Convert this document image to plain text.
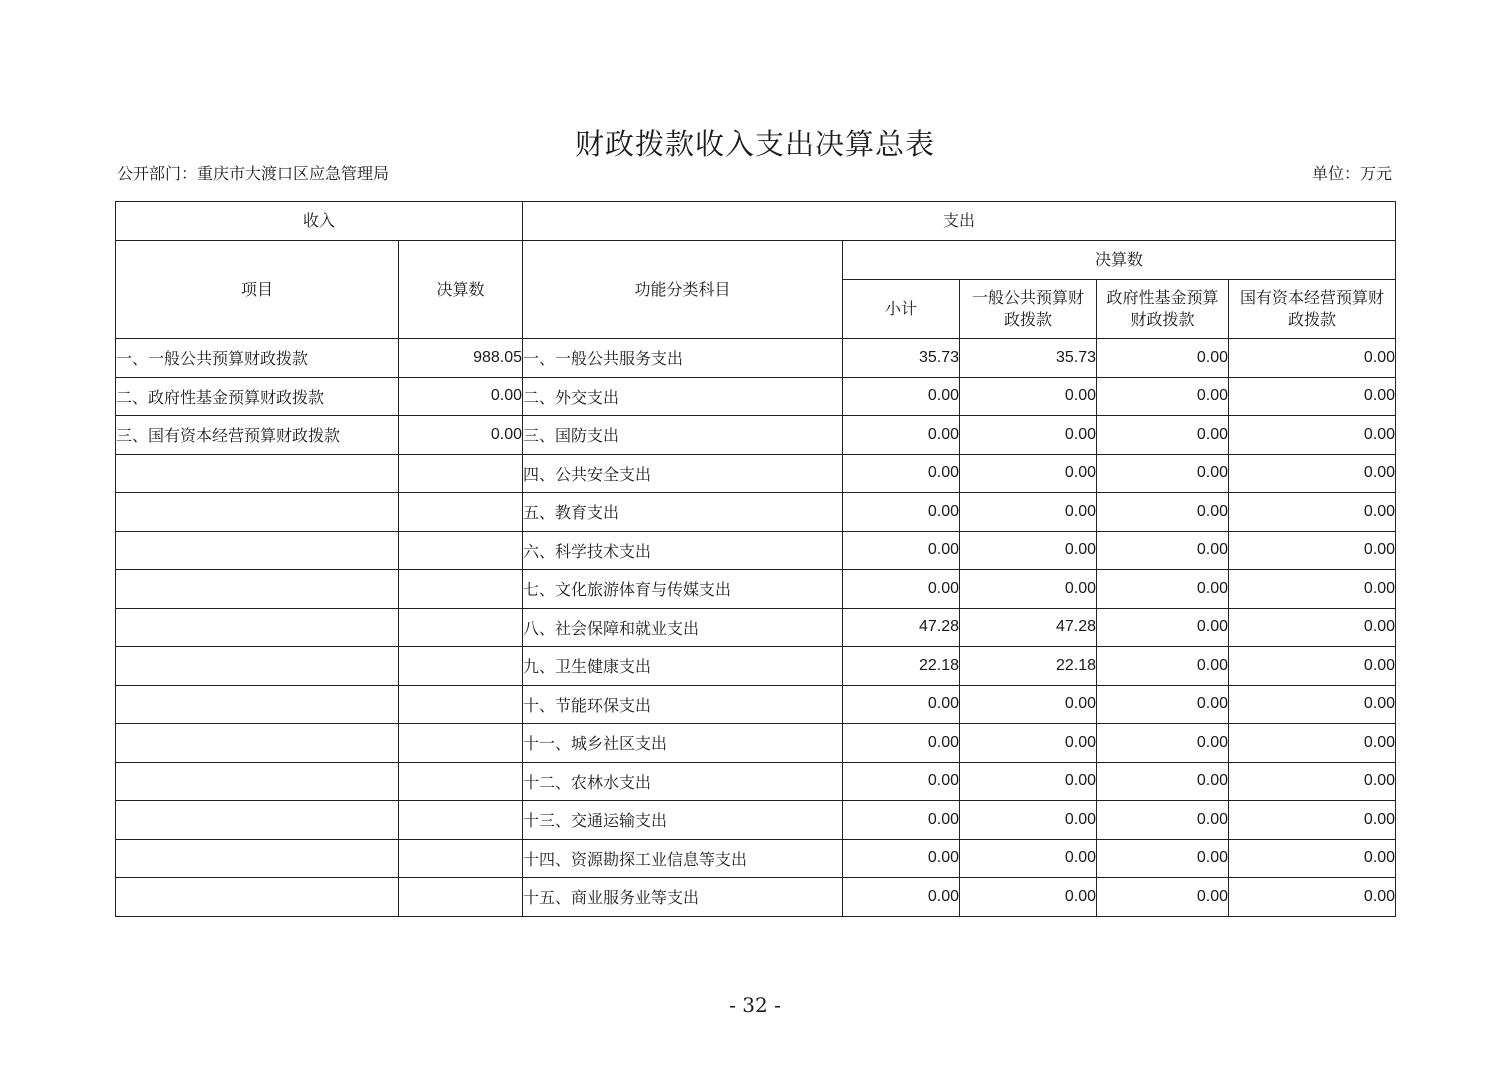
财政拨款收入支出决算总表
公开部门：重庆市大渡口区应急管理局	单位：万元
收入		支出				
项目	决算数	功能分类科目	决算数			
			小计	一般公共预算财政拨款	政府性基金预算财政拨款	国有资本经营预算财政拨款

一、一般公共预算财政拨款	988.05	一、一般公共服务支出	35.73	35.73	0.00	0.00
二、政府性基金预算财政拨款	0.00	二、外交支出	0.00	0.00	0.00	0.00
三、国有资本经营预算财政拨款	0.00	三、国防支出	0.00	0.00	0.00	0.00
		四、公共安全支出	0.00	0.00	0.00	0.00
		五、教育支出	0.00	0.00	0.00	0.00
		六、科学技术支出	0.00	0.00	0.00	0.00
		七、文化旅游体育与传媒支出	0.00	0.00	0.00	0.00
		八、社会保障和就业支出	47.28	47.28	0.00	0.00
		九、卫生健康支出	22.18	22.18	0.00	0.00
		十、节能环保支出	0.00	0.00	0.00	0.00
		十一、城乡社区支出	0.00	0.00	0.00	0.00
		十二、农林水支出	0.00	0.00	0.00	0.00
		十三、交通运输支出	0.00	0.00	0.00	0.00
		十四、资源勘探工业信息等支出	0.00	0.00	0.00	0.00
		十五、商业服务业等支出	0.00	0.00	0.00	0.00
- 32 -
